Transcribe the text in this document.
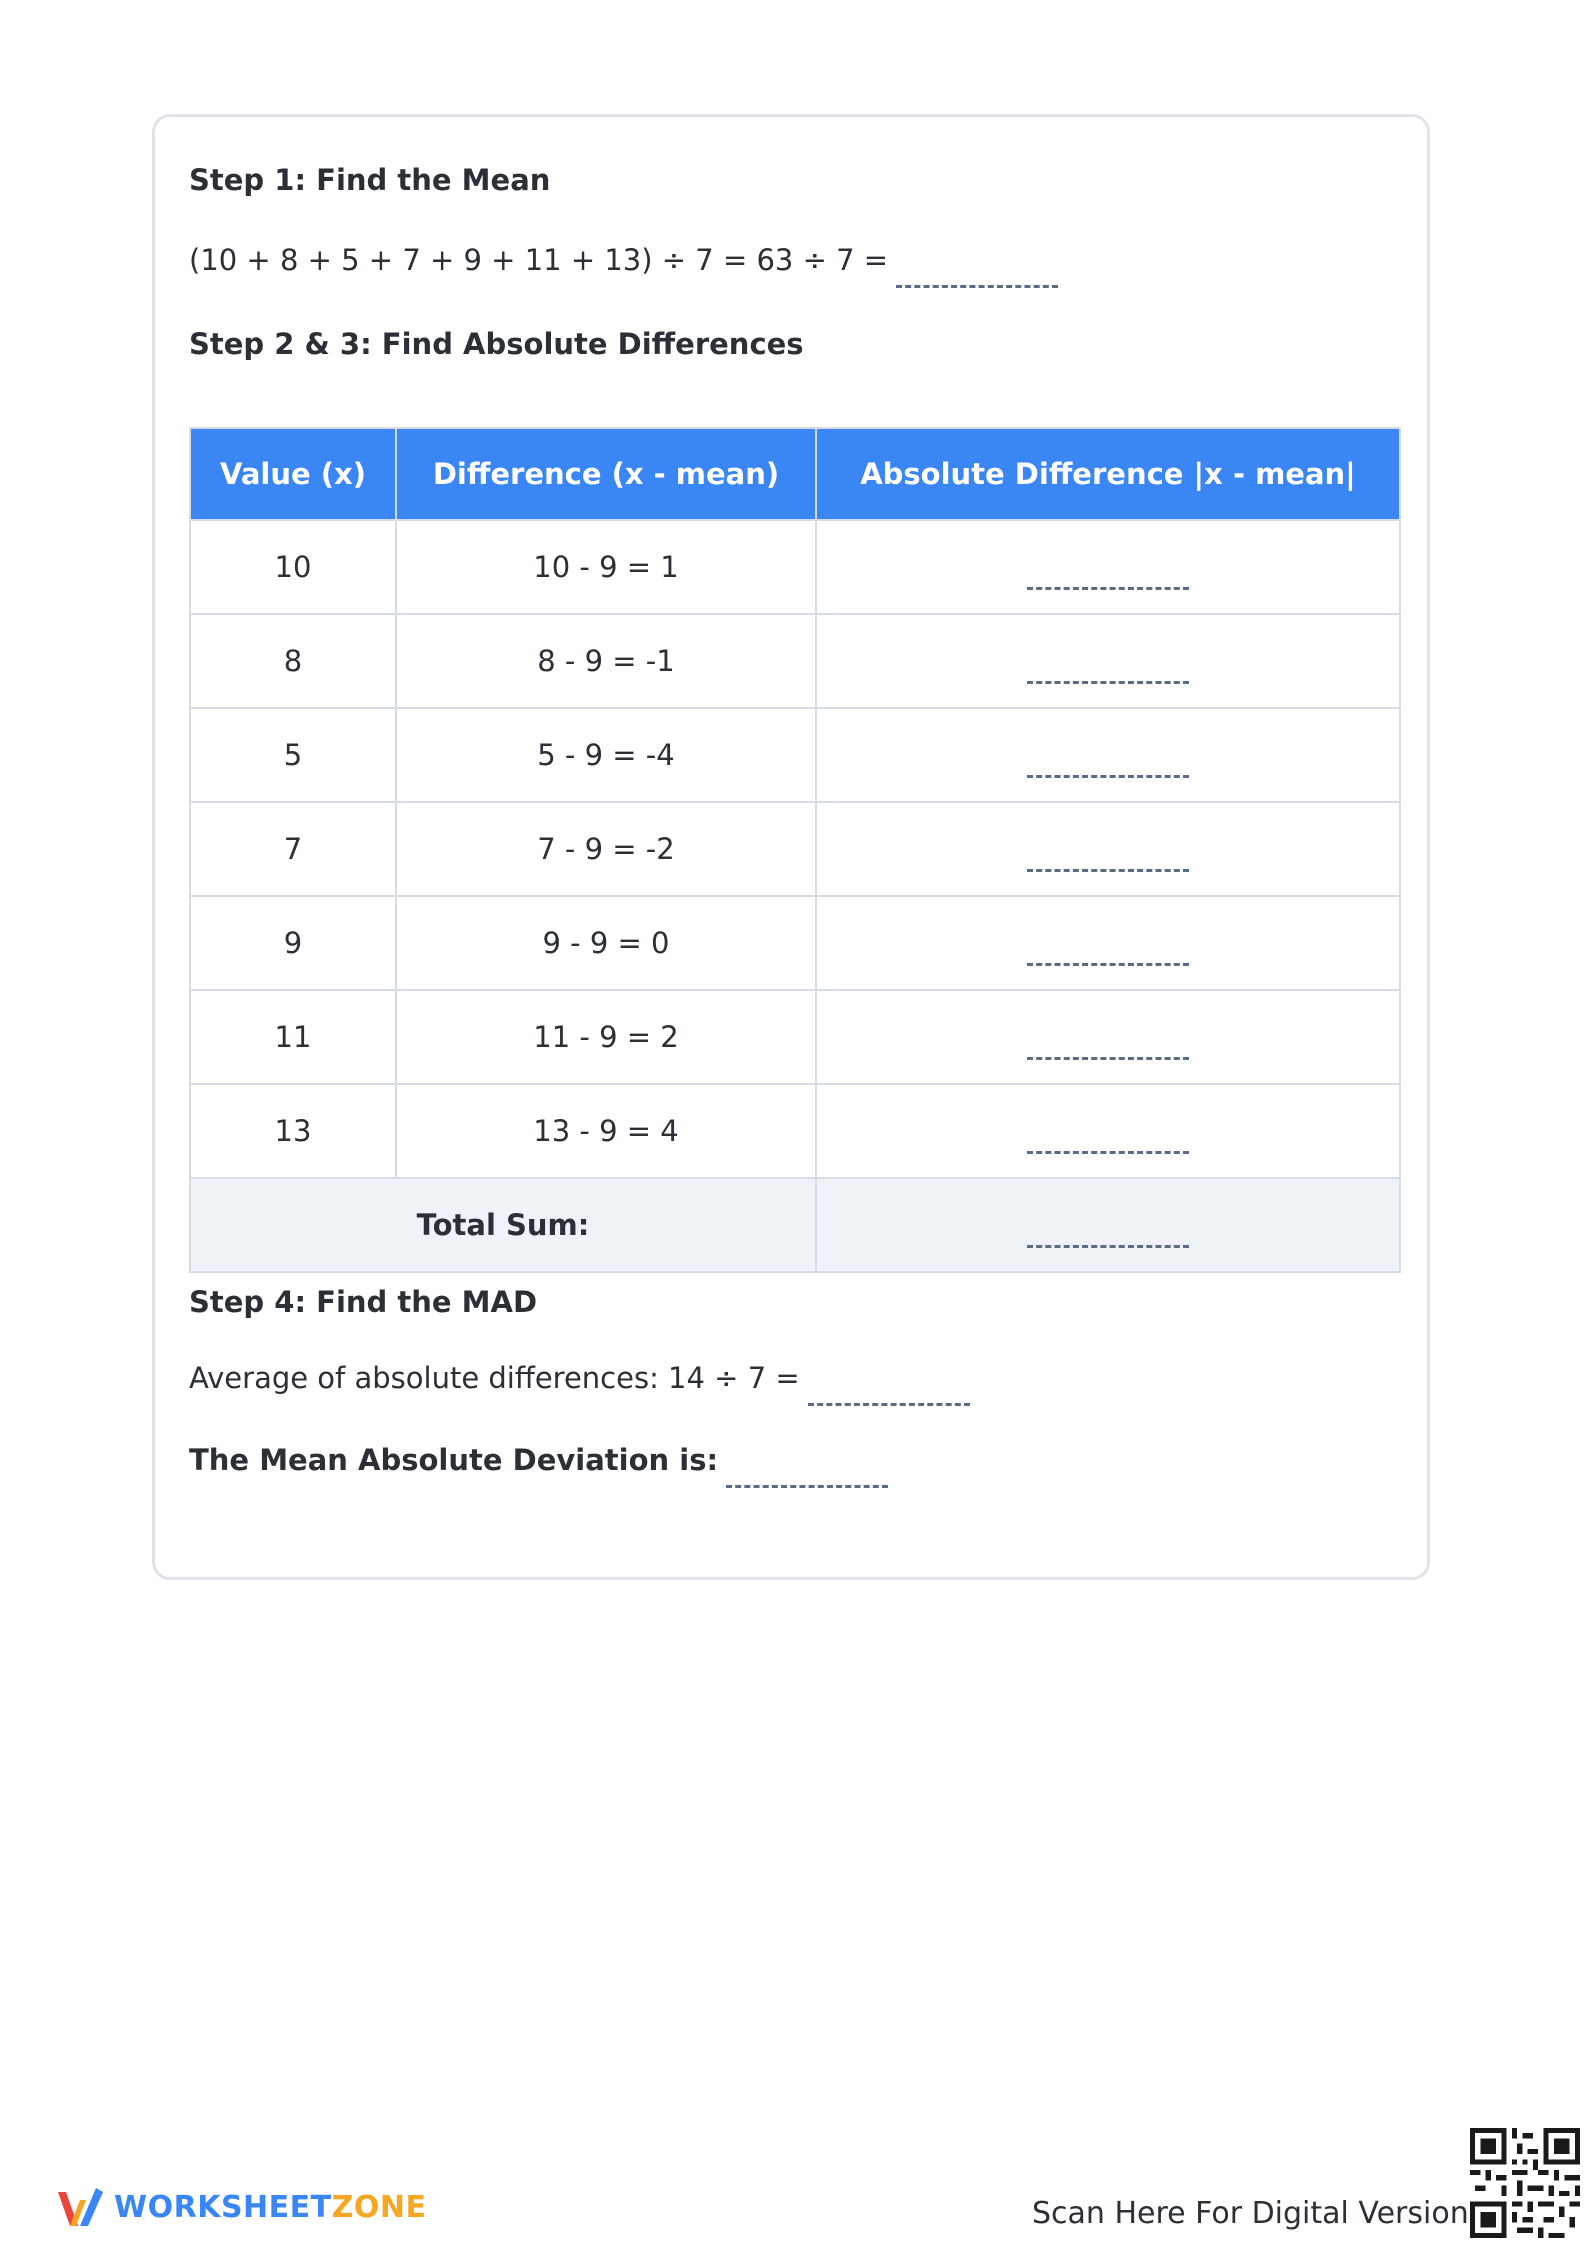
Step 1: Find the Mean
(10 + 8 + 5 + 7 + 9 + 11 + 13) ÷ 7 = 63 ÷ 7 =
Step 2 & 3: Find Absolute Differences
Value (x)	Difference (x - mean)	Absolute Difference |x - mean|
10	10 - 9 = 1	

8	8 - 9 = -1	

5	5 - 9 = -4	

7	7 - 9 = -2	

9	9 - 9 = 0	

11	11 - 9 = 2	

13	13 - 9 = 4	

Total Sum:		
Step 4: Find the MAD
Average of absolute differences: 14 ÷ 7 =
The Mean Absolute Deviation is:
WORKSHEETZONE	Scan Here For Digital Version
